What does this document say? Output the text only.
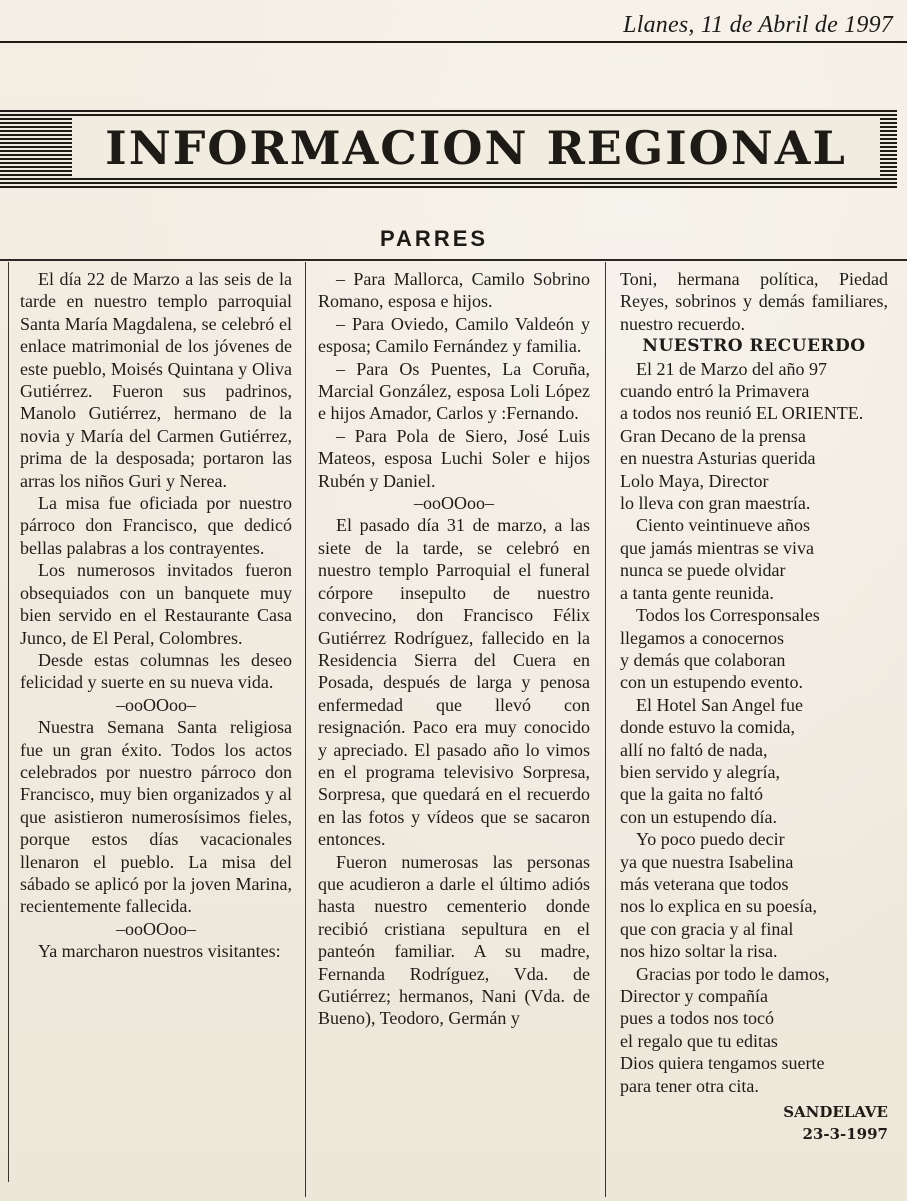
Llanes, 11 de Abril de 1997
INFORMACION REGIONAL
PARRES

El día 22 de Marzo a las seis de la tarde en nuestro templo parroquial Santa María Magdalena, se celebró el enlace matrimonial de los jóvenes de este pueblo, Moisés Quintana y Oliva Gutiérrez. Fueron sus padrinos, Manolo Gutiérrez, hermano de la novia y María del Carmen Gutiérrez, prima de la desposada; portaron las arras los niños Guri y Nerea.

La misa fue oficiada por nuestro párroco don Francisco, que dedicó bellas palabras a los contrayentes.

Los numerosos invitados fueron obsequiados con un banquete muy bien servido en el Restaurante Casa Junco, de El Peral, Colombres.

Desde estas columnas les deseo felicidad y suerte en su nueva vida.

–ooOOoo–

Nuestra Semana Santa religiosa fue un gran éxito. Todos los actos celebrados por nuestro párroco don Francisco, muy bien organizados y al que asistieron numerosísimos fieles, porque estos días vacacionales llenaron el pueblo. La misa del sábado se aplicó por la joven Marina, recientemente fallecida.

–ooOOoo–

Ya marcharon nuestros visitantes:

– Para Mallorca, Camilo Sobrino Romano, esposa e hijos.

– Para Oviedo, Camilo Valdeón y esposa; Camilo Fernández y familia.

– Para Os Puentes, La Coruña, Marcial González, esposa Loli López e hijos Amador, Carlos y :Fernando.

– Para Pola de Siero, José Luis Mateos, esposa Luchi Soler e hijos Rubén y Daniel.

–ooOOoo–

El pasado día 31 de marzo, a las siete de la tarde, se celebró en nuestro templo Parroquial el funeral córpore insepulto de nuestro convecino, don Francisco Félix Gutiérrez Rodríguez, fallecido en la Residencia Sierra del Cuera en Posada, después de larga y penosa enfermedad que llevó con resignación. Paco era muy conocido y apreciado. El pasado año lo vimos en el programa televisivo Sorpresa, Sorpresa, que quedará en el recuerdo en las fotos y vídeos que se sacaron entonces.

Fueron numerosas las personas que acudieron a darle el último adiós hasta nuestro cementerio donde recibió cristiana sepultura en el panteón familiar. A su madre, Fernanda Rodríguez, Vda. de Gutiérrez; hermanos, Nani (Vda. de Bueno), Teodoro, Germán y

Toni, hermana política, Piedad Reyes, sobrinos y demás familiares, nuestro recuerdo.

NUESTRO RECUERDO

El 21 de Marzo del año 97

cuando entró la Primavera

a todos nos reunió EL ORIENTE.

Gran Decano de la prensa

en nuestra Asturias querida

Lolo Maya, Director

lo lleva con gran maestría.

Ciento veintinueve años

que jamás mientras se viva

nunca se puede olvidar

a tanta gente reunida.

Todos los Corresponsales

llegamos a conocernos

y demás que colaboran

con un estupendo evento.

El Hotel San Angel fue

donde estuvo la comida,

allí no faltó de nada,

bien servido y alegría,

que la gaita no faltó

con un estupendo día.

Yo poco puedo decir

ya que nuestra Isabelina

más veterana que todos

nos lo explica en su poesía,

que con gracia y al final

nos hizo soltar la risa.

Gracias por todo le damos,

Director y compañía

pues a todos nos tocó

el regalo que tu editas

Dios quiera tengamos suerte

para tener otra cita.

SANDELAVE

23-3-1997
